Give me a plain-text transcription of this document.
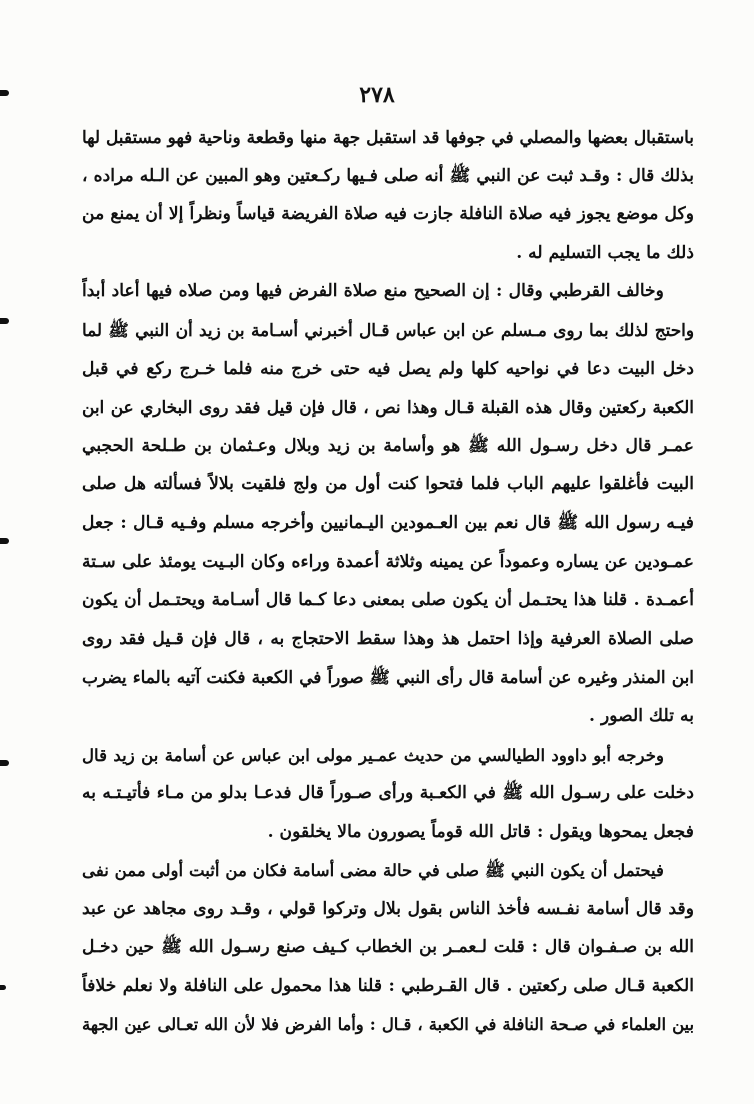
٢٧٨
باستقبال بعضها والمصلي في جوفها قد استقبل جهة منها وقطعة وناحية فهو مستقبل لها
بذلك قال : وقـد ثبت عن النبي ﷺ أنه صلى فـيها ركـعتين وهو المبين عن الـله مراده ،
وكل موضع يجوز فيه صلاة النافلة جازت فيه صلاة الفريضة قياساً ونظراً إلا أن يمنع من
ذلك ما يجب التسليم له .
وخالف القرطبي وقال : إن الصحيح منع صلاة الفرض فيها ومن صلاه فيها أعاد أبداً
واحتج لذلك بما روى مـسلم عن ابن عباس قـال أخبرني أسـامة بن زيد أن النبي ﷺ لما
دخل البيت دعا في نواحيه كلها ولم يصل فيه حتى خرج منه فلما خـرج ركع في قبل
الكعبة ركعتين وقال هذه القبلة قـال وهذا نص ، قال فإن قيل فقد روى البخاري عن ابن
عمـر قال دخل رسـول الله ﷺ هو وأسامة بن زيد وبلال وعـثمان بن طـلحة الحجبي
البيت فأغلقوا عليهم الباب فلما فتحوا كنت أول من ولج فلقيت بلالاً فسألته هل صلى
فيـه رسول الله ﷺ قال نعم بين العـمودين اليـمانيين وأخرجه مسلم وفـيه قـال : جعل
عمـودين عن يساره وعموداً عن يمينه وثلاثة أعمدة وراءه وكان البـيت يومئذ على سـتة
أعمـدة . قلنا هذا يحتـمل أن يكون صلى بمعنى دعا كـما قال أسـامة ويحتـمل أن يكون
صلى الصلاة العرفية وإذا احتمل هذ وهذا سقط الاحتجاج به ، قال فإن قـيل فقد روى
ابن المنذر وغيره عن أسامة قال رأى النبي ﷺ صوراً في الكعبة فكنت آتيه بالماء يضرب
به تلك الصور .
وخرجه أبو داوود الطيالسي من حديث عمـير مولى ابن عباس عن أسامة بن زيد قال
دخلت على رسـول الله ﷺ في الكعـبة ورأى صـوراً قال فدعـا بدلو من مـاء فأتيـتـه به
فجعل يمحوها ويقول : قاتل الله قوماً يصورون مالا يخلقون .
فيحتمل أن يكون النبي ﷺ صلى في حالة مضى أسامة فكان من أثبت أولى ممن نفى
وقد قال أسامة نفـسه فأخذ الناس بقول بلال وتركوا قولي ، وقـد روى مجاهد عن عبد
الله بن صـفـوان قال : قلت لـعمـر بن الخطاب كـيف صنع رسـول الله ﷺ حين دخـل
الكعبة قـال صلى ركعتين . قال القـرطبي : قلنا هذا محمول على النافلة ولا نعلم خلافاً
بين العلماء في صـحة النافلة في الكعبة ، قـال : وأما الفرض فلا لأن الله تعـالى عين الجهة
